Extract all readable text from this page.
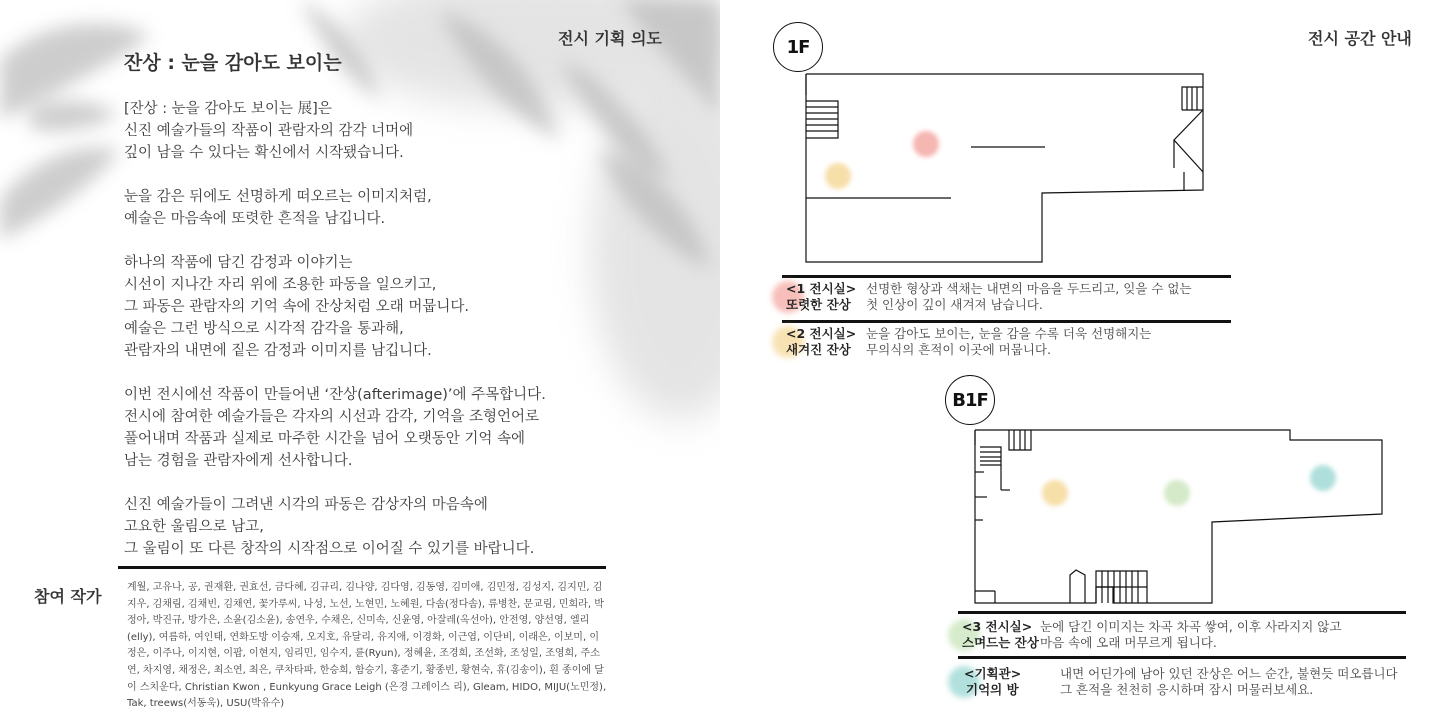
전시 기획 의도
잔상 : 눈을 감아도 보이는
[잔상 : 눈을 감아도 보이는 展]은
신진 예술가들의 작품이 관람자의 감각 너머에
깊이 남을 수 있다는 확신에서 시작됐습니다.
눈을 감은 뒤에도 선명하게 떠오르는 이미지처럼,
예술은 마음속에 또렷한 흔적을 남깁니다.
하나의 작품에 담긴 감정과 이야기는
시선이 지나간 자리 위에 조용한 파동을 일으키고,
그 파동은 관람자의 기억 속에 잔상처럼 오래 머뭅니다.
예술은 그런 방식으로 시각적 감각을 통과해,
관람자의 내면에 짙은 감정과 이미지를 남깁니다.
이번 전시에선 작품이 만들어낸 ‘잔상(afterimage)’에 주목합니다.
전시에 참여한 예술가들은 각자의 시선과 감각, 기억을 조형언어로
풀어내며 작품과 실제로 마주한 시간을 넘어 오랫동안 기억 속에
남는 경험을 관람자에게 선사합니다.
신진 예술가들이 그려낸 시각의 파동은 감상자의 마음속에
고요한 울림으로 남고,
그 울림이 또 다른 창작의 시작점으로 이어질 수 있기를 바랍니다.
참여 작가	계월, 고유나, 공, 권재환, 권효선, 금다혜, 김규리, 김나양, 김다영, 김동영, 김미애, 김민정, 김성지, 김지민, 김지우, 김채림, 김채빈, 김채연, 꽃가루씨, 나성, 노선, 노현민, 노혜원, 다솜(정다솜), 류병찬, 문교림, 민희라, 박정아, 박진규, 방가은, 소윤(김소윤), 송연우, 수채은, 신미속, 신윤영, 아잘레(옥선아), 안전영, 양선영, 엘리(elly), 여름하, 여인태, 연화도방 이승재, 오지호, 유달리, 유지애, 이경화, 이근엽, 이단비, 이래은, 이보미, 이정은, 이주나, 이지현, 이팝, 이현지, 임리민, 임수지, 륜(Ryun), 정혜윤, 조경희, 조선화, 조성일, 조영희, 주소연, 차지영, 채정은, 최소연, 최은, 쿠차타파, 한승희, 함승기, 홍준기, 황종빈, 황현숙, 휴(김송이), 흰 종이에 달이 스치운다, Christian Kwon , Eunkyung Grace Leigh (은경 그레이스 리), Gleam, HIDO, MIJU(노민정), Tak, treews(서동욱), USU(박유수)
전시 공간 안내
1F
B1F
<1 전시실>
또렷한 잔상
선명한 형상과 색채는 내면의 마음을 두드리고, 잊을 수 없는
첫 인상이 깊이 새겨져 남습니다.
<2 전시실>
새겨진 잔상
눈을 감아도 보이는, 눈을 감을 수록 더욱 선명해지는
무의식의 흔적이 이곳에 머뭅니다.
<3 전시실>
스며드는 잔상
눈에 담긴 이미지는 차곡 차곡 쌓여, 이후 사라지지 않고
마음 속에 오래 머무르게 됩니다.
<기획관>
기억의 방
내면 어딘가에 남아 있던 잔상은 어느 순간, 불현듯 떠오릅니다
그 흔적을 천천히 응시하며 잠시 머물러보세요.
